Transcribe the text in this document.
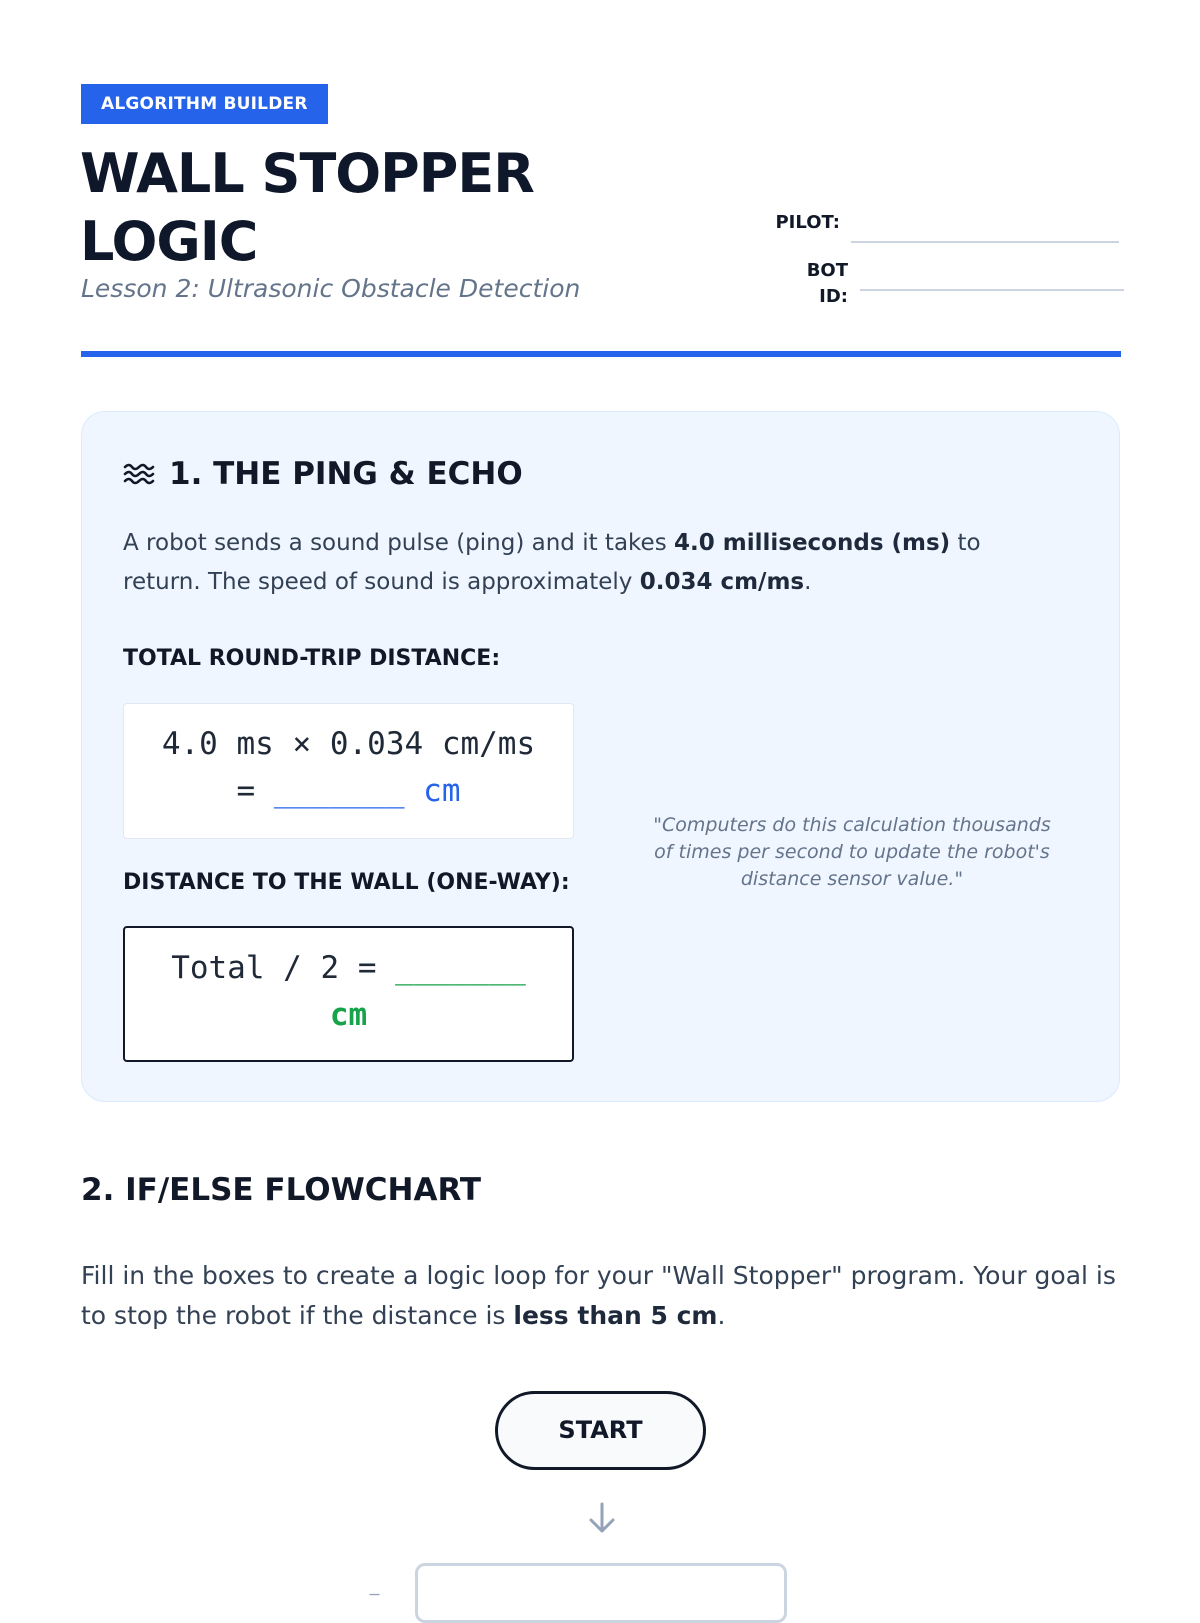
ALGORITHM BUILDER
WALL STOPPER LOGIC

Lesson 2: Ultrasonic Obstacle Detection

PILOT:
BOT ID:
1. THE PING & ECHO

A robot sends a sound pulse (ping) and it takes 4.0 milliseconds (ms) to return. The speed of sound is approximately 0.034 cm/ms.

TOTAL ROUND-TRIP DISTANCE:

4.0 ms × 0.034 cm/ms
= _______ cm

DISTANCE TO THE WALL (ONE-WAY):

Total / 2 = _______
cm

"Computers do this calculation thousands of times per second to update the robot's distance sensor value."

2. IF/ELSE FLOWCHART

Fill in the boxes to create a logic loop for your "Wall Stopper" program. Your goal is to stop the robot if the distance is less than 5 cm.

START
I
